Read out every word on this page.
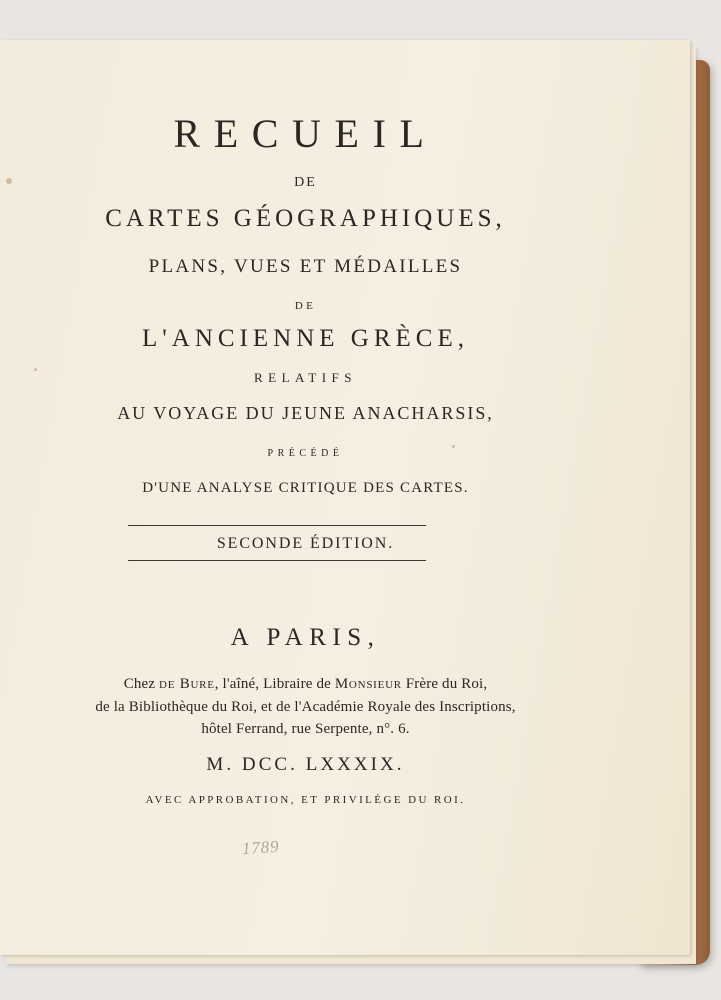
RECUEIL
DE
CARTES GÉOGRAPHIQUES,
PLANS, VUES ET MÉDAILLES
DE
L'ANCIENNE GRÈCE,
RELATIFS
AU VOYAGE DU JEUNE ANACHARSIS,
PRÉCÉDÉ
D'UNE ANALYSE CRITIQUE DES CARTES.
SECONDE ÉDITION.
A PARIS,
Chez de Bure, l'aîné, Libraire de Monsieur Frère du Roi,
de la Bibliothèque du Roi, et de l'Académie Royale des Inscriptions,
hôtel Ferrand, rue Serpente, n°. 6.
M. DCC. LXXXIX.
AVEC APPROBATION, ET PRIVILÉGE DU ROI.
1789
